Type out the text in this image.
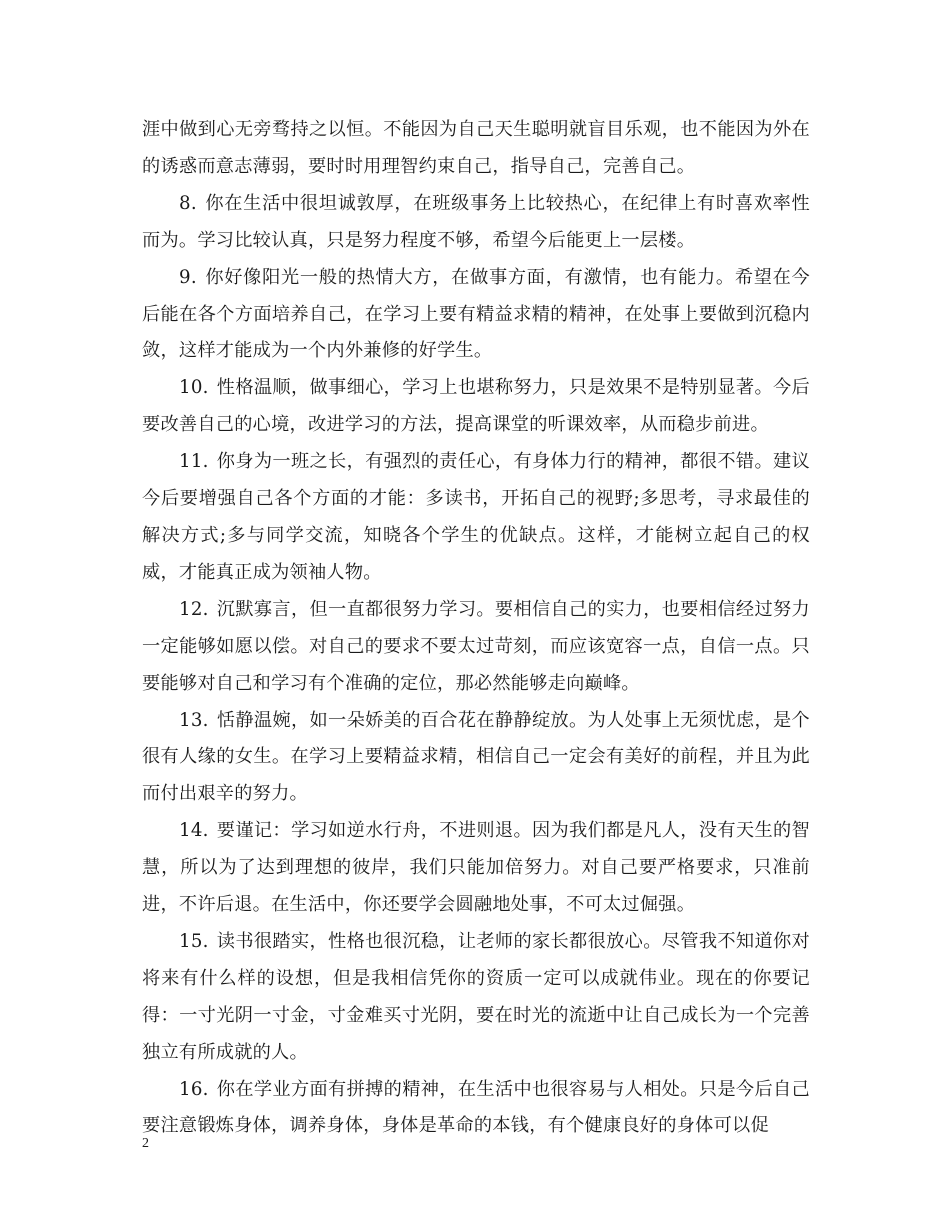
涯中做到心无旁骛持之以恒。不能因为自己天生聪明就盲目乐观，也不能因为外在的诱惑而意志薄弱，要时时用理智约束自己，指导自己，完善自己。

8. 你在生活中很坦诚敦厚，在班级事务上比较热心，在纪律上有时喜欢率性而为。学习比较认真，只是努力程度不够，希望今后能更上一层楼。

9. 你好像阳光一般的热情大方，在做事方面，有激情，也有能力。希望在今后能在各个方面培养自己，在学习上要有精益求精的精神，在处事上要做到沉稳内敛，这样才能成为一个内外兼修的好学生。

10. 性格温顺，做事细心，学习上也堪称努力，只是效果不是特别显著。今后要改善自己的心境，改进学习的方法，提高课堂的听课效率，从而稳步前进。

11. 你身为一班之长，有强烈的责任心，有身体力行的精神，都很不错。建议今后要增强自己各个方面的才能：多读书，开拓自己的视野;多思考，寻求最佳的解决方式;多与同学交流，知晓各个学生的优缺点。这样，才能树立起自己的权威，才能真正成为领袖人物。

12. 沉默寡言，但一直都很努力学习。要相信自己的实力，也要相信经过努力一定能够如愿以偿。对自己的要求不要太过苛刻，而应该宽容一点，自信一点。只要能够对自己和学习有个准确的定位，那必然能够走向巅峰。

13. 恬静温婉，如一朵娇美的百合花在静静绽放。为人处事上无须忧虑，是个很有人缘的女生。在学习上要精益求精，相信自己一定会有美好的前程，并且为此而付出艰辛的努力。

14. 要谨记：学习如逆水行舟，不进则退。因为我们都是凡人，没有天生的智慧，所以为了达到理想的彼岸，我们只能加倍努力。对自己要严格要求，只准前进，不许后退。在生活中，你还要学会圆融地处事，不可太过倔强。

15. 读书很踏实，性格也很沉稳，让老师的家长都很放心。尽管我不知道你对将来有什么样的设想，但是我相信凭你的资质一定可以成就伟业。现在的你要记得：一寸光阴一寸金，寸金难买寸光阴，要在时光的流逝中让自己成长为一个完善独立有所成就的人。

16. 你在学业方面有拼搏的精神，在生活中也很容易与人相处。只是今后自己要注意锻炼身体，调养身体，身体是革命的本钱，有个健康良好的身体可以促

2
